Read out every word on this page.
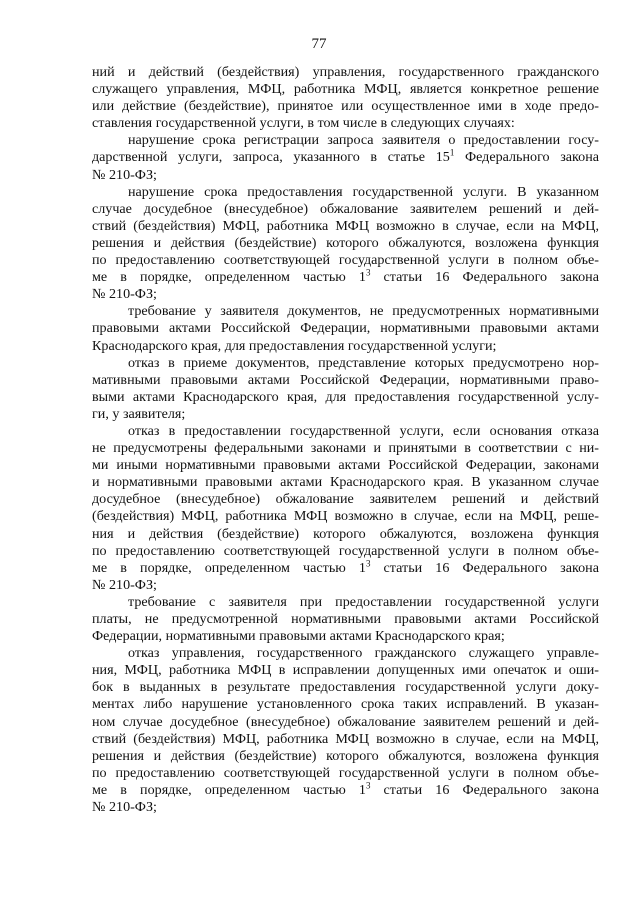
77
ний и действий (бездействия) управления, государственного гражданского
служащего управления, МФЦ, работника МФЦ, является конкретное решение
или действие (бездействие), принятое или осуществленное ими в ходе предо-
ставления государственной услуги, в том числе в следующих случаях:
нарушение срока регистрации запроса заявителя о предоставлении госу-
дарственной услуги, запроса, указанного в статье $15^1$ Федерального закона
№ 210-ФЗ;
нарушение срока предоставления государственной услуги. В указанном
случае досудебное (внесудебное) обжалование заявителем решений и дей-
ствий (бездействия) МФЦ, работника МФЦ возможно в случае, если на МФЦ,
решения и действия (бездействие) которого обжалуются, возложена функция
по предоставлению соответствующей государственной услуги в полном объе-
ме в порядке, определенном частью $1^3$ статьи 16 Федерального закона
№ 210-ФЗ;
требование у заявителя документов, не предусмотренных нормативными
правовыми актами Российской Федерации, нормативными правовыми актами
Краснодарского края, для предоставления государственной услуги;
отказ в приеме документов, представление которых предусмотрено нор-
мативными правовыми актами Российской Федерации, нормативными право-
выми актами Краснодарского края, для предоставления государственной услу-
ги, у заявителя;
отказ в предоставлении государственной услуги, если основания отказа
не предусмотрены федеральными законами и принятыми в соответствии с ни-
ми иными нормативными правовыми актами Российской Федерации, законами
и нормативными правовыми актами Краснодарского края. В указанном случае
досудебное (внесудебное) обжалование заявителем решений и действий
(бездействия) МФЦ, работника МФЦ возможно в случае, если на МФЦ, реше-
ния и действия (бездействие) которого обжалуются, возложена функция
по предоставлению соответствующей государственной услуги в полном объе-
ме в порядке, определенном частью $1^3$ статьи 16 Федерального закона
№ 210-ФЗ;
требование с заявителя при предоставлении государственной услуги
платы, не предусмотренной нормативными правовыми актами Российской
Федерации, нормативными правовыми актами Краснодарского края;
отказ управления, государственного гражданского служащего управле-
ния, МФЦ, работника МФЦ в исправлении допущенных ими опечаток и оши-
бок в выданных в результате предоставления государственной услуги доку-
ментах либо нарушение установленного срока таких исправлений. В указан-
ном случае досудебное (внесудебное) обжалование заявителем решений и дей-
ствий (бездействия) МФЦ, работника МФЦ возможно в случае, если на МФЦ,
решения и действия (бездействие) которого обжалуются, возложена функция
по предоставлению соответствующей государственной услуги в полном объе-
ме в порядке, определенном частью $1^3$ статьи 16 Федерального закона
№ 210-ФЗ;
